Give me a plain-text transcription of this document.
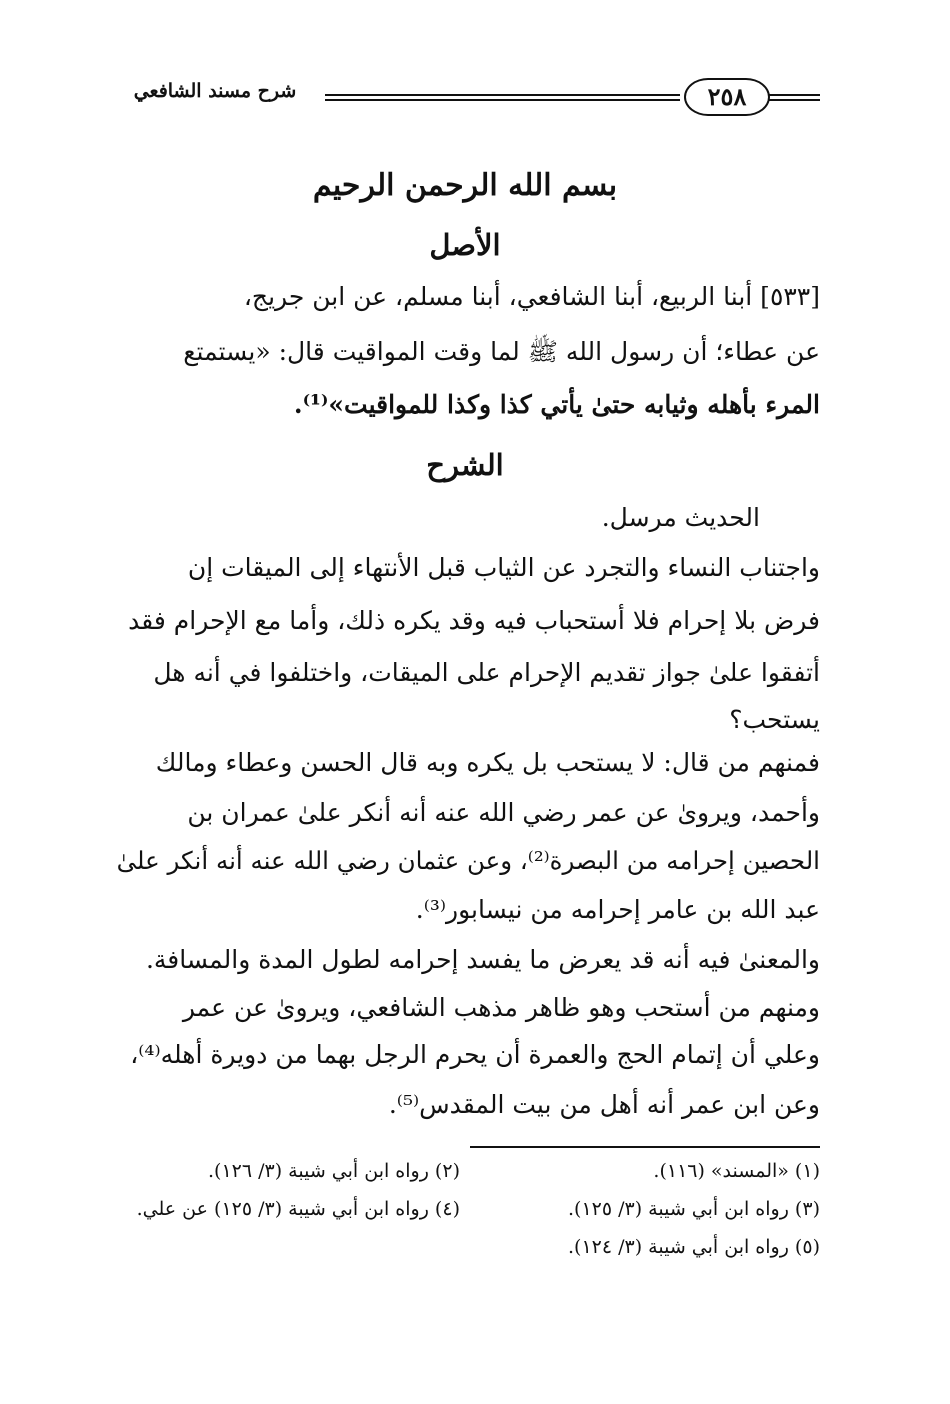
٢٥٨
شرح مسند الشافعي
بسم الله الرحمن الرحيم
الأصل
[٥٣٣] أبنا الربيع، أبنا الشافعي، أبنا مسلم، عن ابن جريج،
عن عطاء؛ أن رسول الله ﷺ لما وقت المواقيت قال: «يستمتع
المرء بأهله وثيابه حتىٰ يأتي كذا وكذا للمواقيت»⁽¹⁾.
الشرح
الحديث مرسل.
واجتناب النساء والتجرد عن الثياب قبل الأنتهاء إلى الميقات إن
فرض بلا إحرام فلا أستحباب فيه وقد يكره ذلك، وأما مع الإحرام فقد
أتفقوا علىٰ جواز تقديم الإحرام على الميقات، واختلفوا في أنه هل
يستحب؟
فمنهم من قال: لا يستحب بل يكره وبه قال الحسن وعطاء ومالك
وأحمد، ويروىٰ عن عمر رضي الله عنه أنه أنكر علىٰ عمران بن
الحصين إحرامه من البصرة⁽²⁾، وعن عثمان رضي الله عنه أنه أنكر علىٰ
عبد الله بن عامر إحرامه من نيسابور⁽³⁾.
والمعنىٰ فيه أنه قد يعرض ما يفسد إحرامه لطول المدة والمسافة.
ومنهم من أستحب وهو ظاهر مذهب الشافعي، ويروىٰ عن عمر
وعلي أن إتمام الحج والعمرة أن يحرم الرجل بهما من دويرة أهله⁽⁴⁾،
وعن ابن عمر أنه أهل من بيت المقدس⁽⁵⁾.
(١) «المسند» (١١٦).
(٢) رواه ابن أبي شيبة (٣/ ١٢٦).
(٣) رواه ابن أبي شيبة (٣/ ١٢٥).
(٤) رواه ابن أبي شيبة (٣/ ١٢٥) عن علي.
(٥) رواه ابن أبي شيبة (٣/ ١٢٤).
